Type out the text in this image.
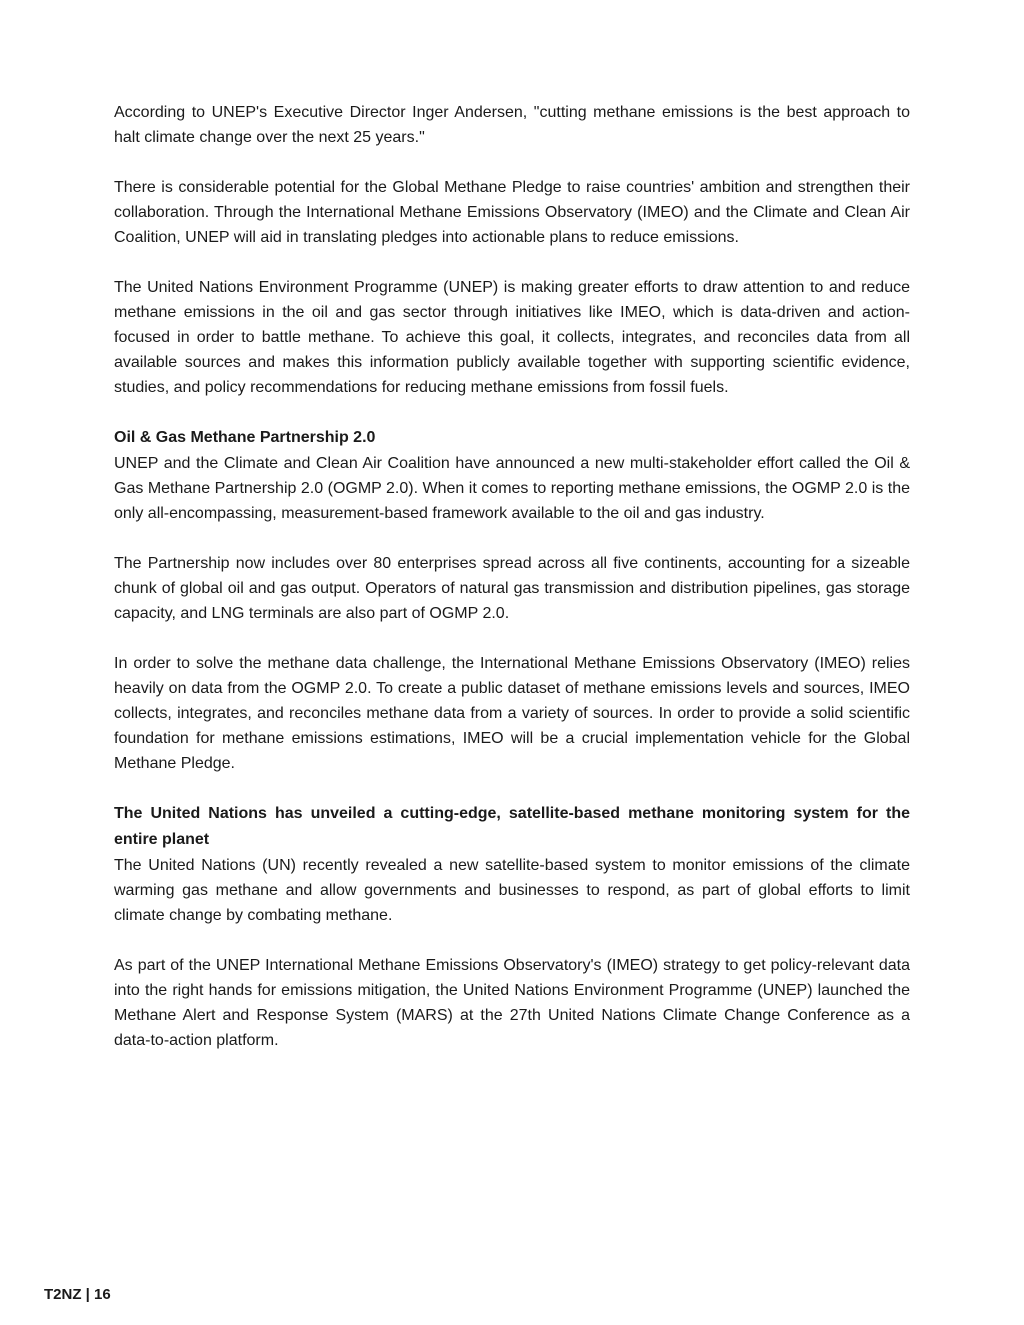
According to UNEP's Executive Director Inger Andersen, "cutting methane emissions is the best approach to halt climate change over the next 25 years."

There is considerable potential for the Global Methane Pledge to raise countries' ambition and strengthen their collaboration. Through the International Methane Emissions Observatory (IMEO) and the Climate and Clean Air Coalition, UNEP will aid in translating pledges into actionable plans to reduce emissions.

The United Nations Environment Programme (UNEP) is making greater efforts to draw attention to and reduce methane emissions in the oil and gas sector through initiatives like IMEO, which is data-driven and action-focused in order to battle methane. To achieve this goal, it collects, integrates, and reconciles data from all available sources and makes this information publicly available together with supporting scientific evidence, studies, and policy recommendations for reducing methane emissions from fossil fuels.

Oil & Gas Methane Partnership 2.0

UNEP and the Climate and Clean Air Coalition have announced a new multi-stakeholder effort called the Oil & Gas Methane Partnership 2.0 (OGMP 2.0). When it comes to reporting methane emissions, the OGMP 2.0 is the only all-encompassing, measurement-based framework available to the oil and gas industry.

The Partnership now includes over 80 enterprises spread across all five continents, accounting for a sizeable chunk of global oil and gas output. Operators of natural gas transmission and distribution pipelines, gas storage capacity, and LNG terminals are also part of OGMP 2.0.

In order to solve the methane data challenge, the International Methane Emissions Observatory (IMEO) relies heavily on data from the OGMP 2.0. To create a public dataset of methane emissions levels and sources, IMEO collects, integrates, and reconciles methane data from a variety of sources. In order to provide a solid scientific foundation for methane emissions estimations, IMEO will be a crucial implementation vehicle for the Global Methane Pledge.

The United Nations has unveiled a cutting-edge, satellite-based methane monitoring system for the entire planet

The United Nations (UN) recently revealed a new satellite-based system to monitor emissions of the climate warming gas methane and allow governments and businesses to respond, as part of global efforts to limit climate change by combating methane.

As part of the UNEP International Methane Emissions Observatory's (IMEO) strategy to get policy-relevant data into the right hands for emissions mitigation, the United Nations Environment Programme (UNEP) launched the Methane Alert and Response System (MARS) at the 27th United Nations Climate Change Conference as a data-to-action platform.

T2NZ | 16
